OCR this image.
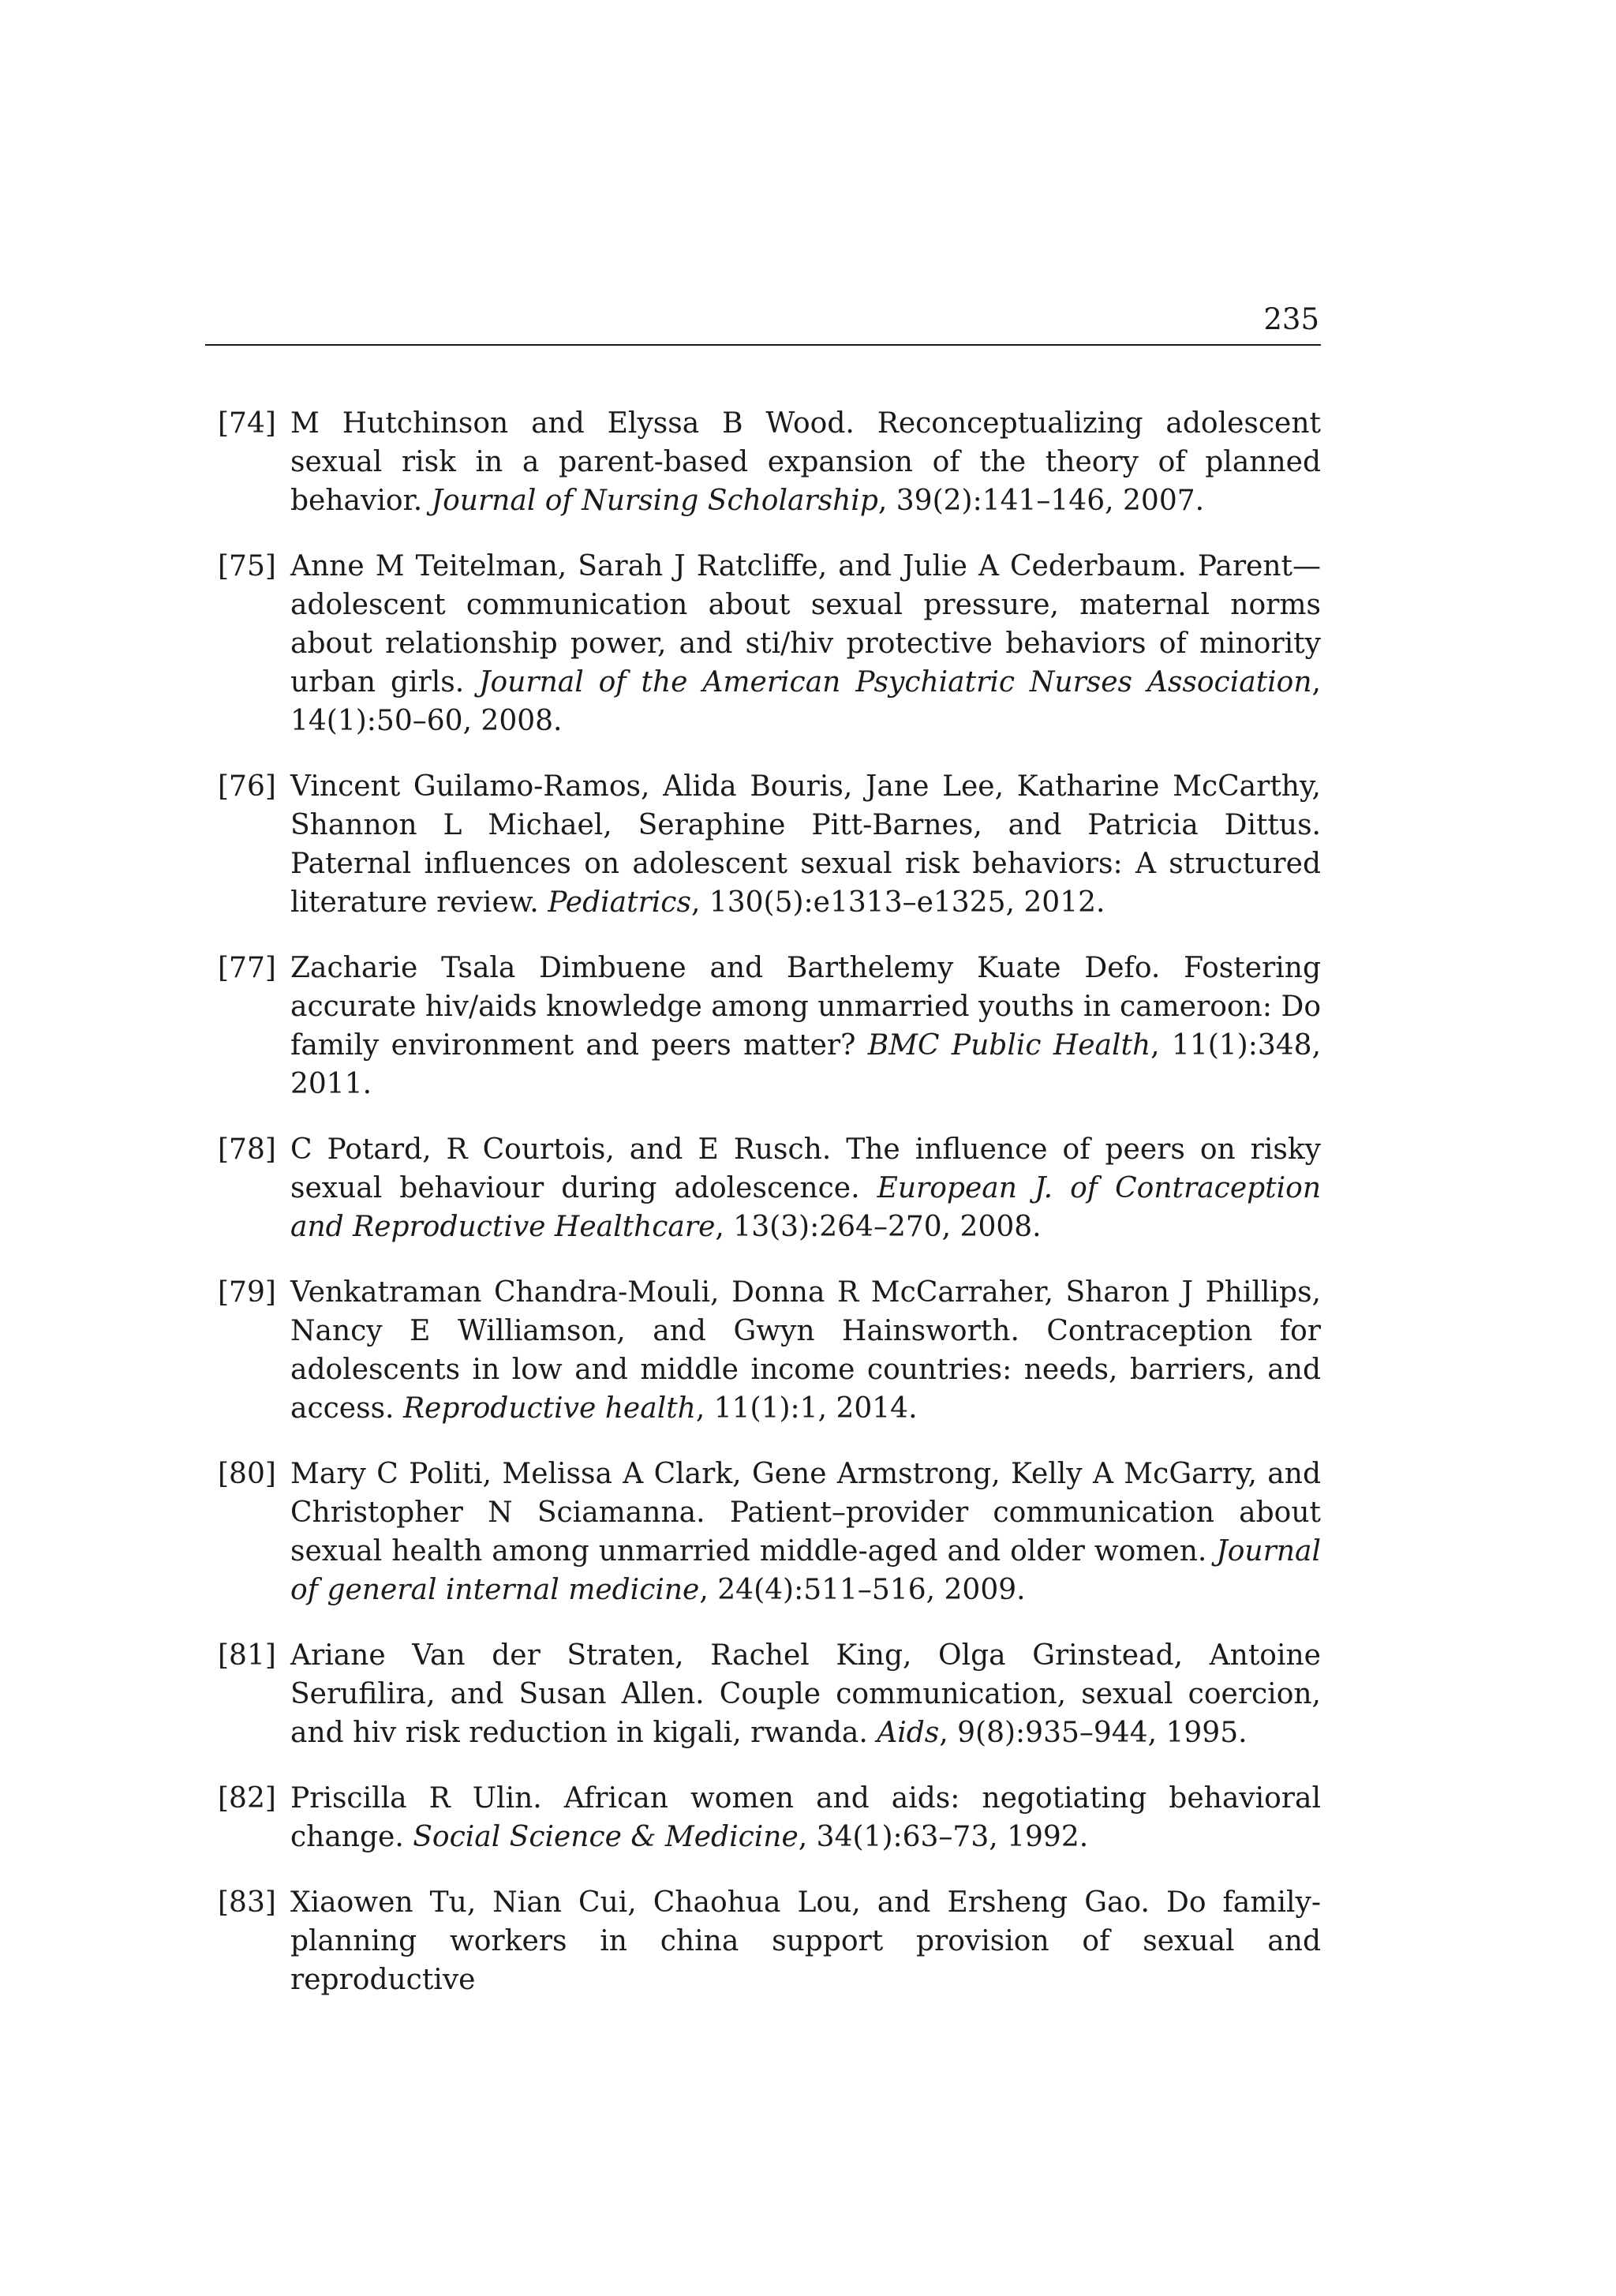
235
[74] M Hutchinson and Elyssa B Wood. Reconceptualizing adolescent sexual risk in a parent-based expansion of the theory of planned behavior. Journal of Nursing Scholarship, 39(2):141–146, 2007.
[75] Anne M Teitelman, Sarah J Ratcliffe, and Julie A Cederbaum. Parent—adolescent communication about sexual pressure, maternal norms about relationship power, and sti/hiv protective behaviors of minority urban girls. Journal of the American Psychiatric Nurses Association, 14(1):50–60, 2008.
[76] Vincent Guilamo-Ramos, Alida Bouris, Jane Lee, Katharine McCarthy, Shannon L Michael, Seraphine Pitt-Barnes, and Patricia Dittus. Paternal influences on adolescent sexual risk behaviors: A structured literature review. Pediatrics, 130(5):e1313–e1325, 2012.
[77] Zacharie Tsala Dimbuene and Barthelemy Kuate Defo. Fostering accurate hiv/aids knowledge among unmarried youths in cameroon: Do family environment and peers matter? BMC Public Health, 11(1):348, 2011.
[78] C Potard, R Courtois, and E Rusch. The influence of peers on risky sexual behaviour during adolescence. European J. of Contraception and Reproductive Healthcare, 13(3):264–270, 2008.
[79] Venkatraman Chandra-Mouli, Donna R McCarraher, Sharon J Phillips, Nancy E Williamson, and Gwyn Hainsworth. Contraception for adolescents in low and middle income countries: needs, barriers, and access. Reproductive health, 11(1):1, 2014.
[80] Mary C Politi, Melissa A Clark, Gene Armstrong, Kelly A McGarry, and Christopher N Sciamanna. Patient–provider communication about sexual health among unmarried middle-aged and older women. Journal of general internal medicine, 24(4):511–516, 2009.
[81] Ariane Van der Straten, Rachel King, Olga Grinstead, Antoine Serufilira, and Susan Allen. Couple communication, sexual coercion, and hiv risk reduction in kigali, rwanda. Aids, 9(8):935–944, 1995.
[82] Priscilla R Ulin. African women and aids: negotiating behavioral change. Social Science & Medicine, 34(1):63–73, 1992.
[83] Xiaowen Tu, Nian Cui, Chaohua Lou, and Ersheng Gao. Do family-planning workers in china support provision of sexual and reproductive
